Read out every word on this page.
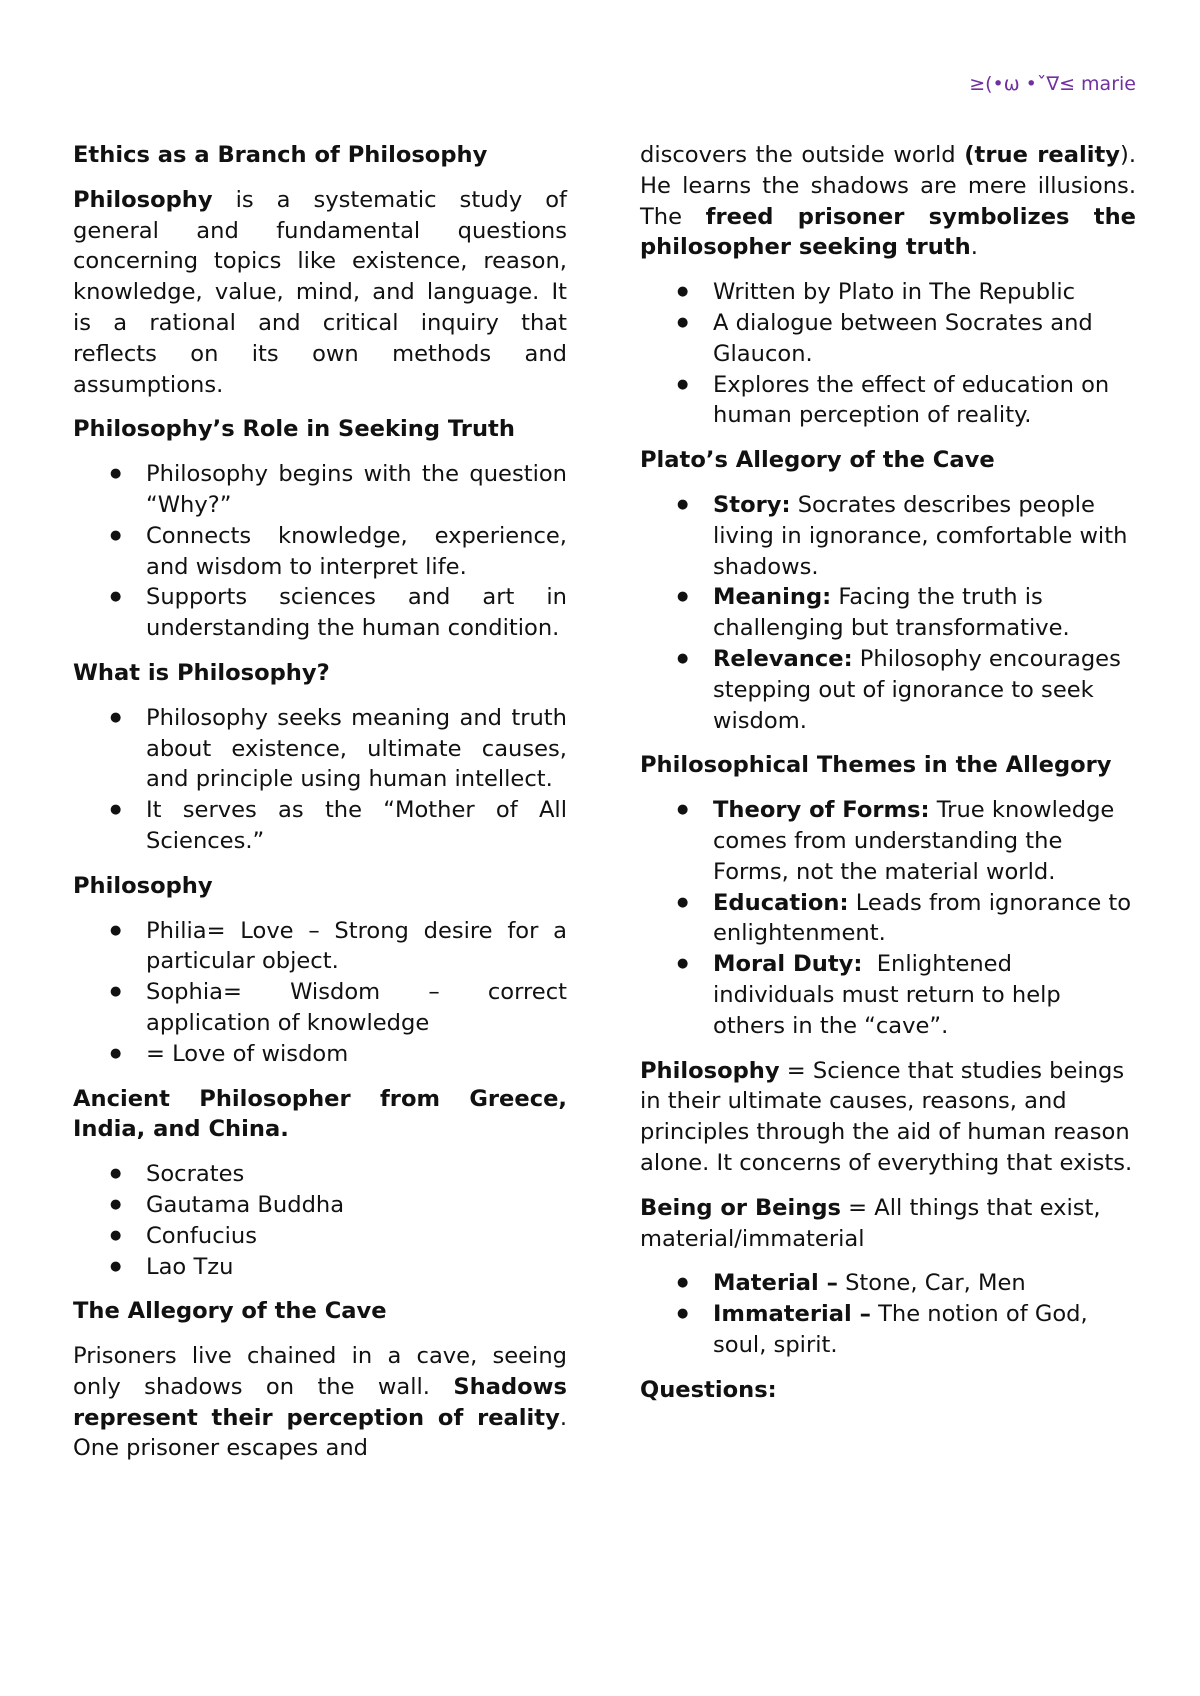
≥(•ω •ˇ∇≤ marie
Ethics as a Branch of Philosophy

Philosophy is a systematic study of general and fundamental questions concerning topics like existence, reason, knowledge, value, mind, and language. It is a rational and critical inquiry that reflects on its own methods and assumptions.

Philosophy’s Role in Seeking Truth
● Philosophy begins with the question “Why?”
● Connects knowledge, experience, and wisdom to interpret life.
● Supports sciences and art in understanding the human condition.
What is Philosophy?
● Philosophy seeks meaning and truth about existence, ultimate causes, and principle using human intellect.
● It serves as the “Mother of All Sciences.”
Philosophy
● Philia= Love – Strong desire for a particular object.
● Sophia= Wisdom – correct application of knowledge
● = Love of wisdom
Ancient Philosopher from Greece, India, and China.
● Socrates
● Gautama Buddha
● Confucius
● Lao Tzu
The Allegory of the Cave

Prisoners live chained in a cave, seeing only shadows on the wall. Shadows represent their perception of reality. One prisoner escapes and

discovers the outside world (true reality). He learns the shadows are mere illusions. The freed prisoner symbolizes the philosopher seeking truth.

● Written by Plato in The Republic
● A dialogue between Socrates and Glaucon.
● Explores the effect of education on human perception of reality.
Plato’s Allegory of the Cave
● Story: Socrates describes people living in ignorance, comfortable with shadows.
● Meaning: Facing the truth is challenging but transformative.
● Relevance: Philosophy encourages stepping out of ignorance to seek wisdom.
Philosophical Themes in the Allegory
● Theory of Forms: True knowledge comes from understanding the Forms, not the material world.
● Education: Leads from ignorance to enlightenment.
● Moral Duty:  Enlightened individuals must return to help others in the “cave”.

Philosophy = Science that studies beings in their ultimate causes, reasons, and principles through the aid of human reason alone. It concerns of everything that exists.

Being or Beings = All things that exist, material/immaterial

● Material – Stone, Car, Men
● Immaterial – The notion of God, soul, spirit.
Questions:
